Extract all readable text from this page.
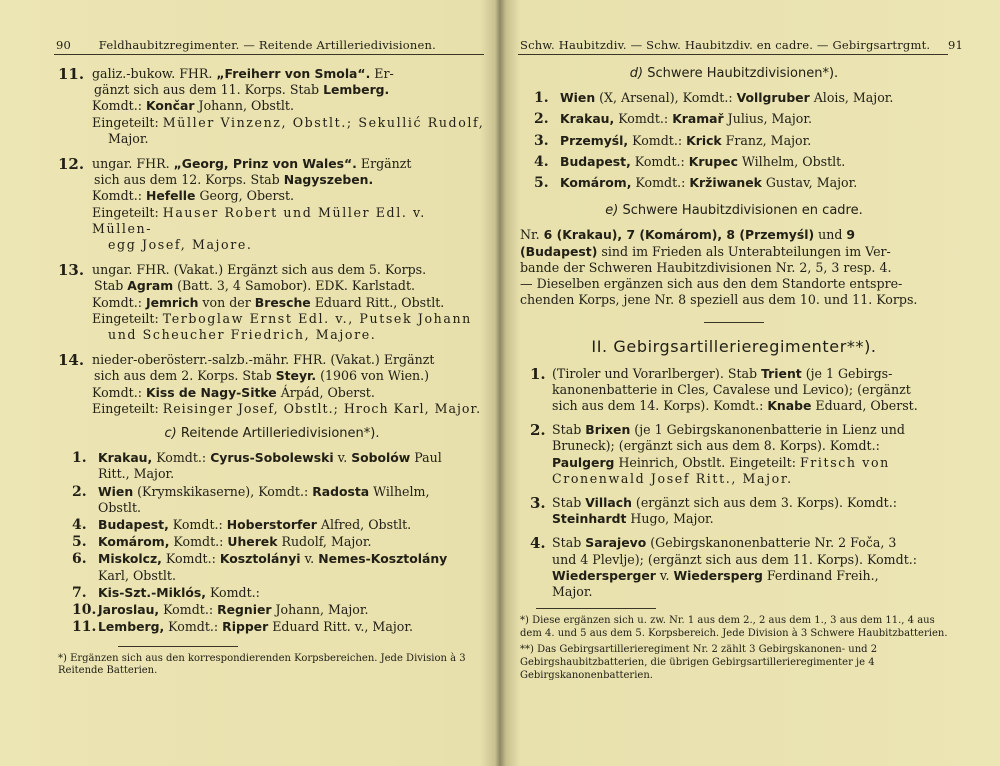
90 Feldhaubitzregimenter. — Reitende Artilleriedivisionen.
11. galiz.-bukow. FHR. „Freiherr von Smola“. Er-
gänzt sich aus dem 11. Korps. Stab Lemberg.
Komdt.: Končar Johann, Obstlt.
Eingeteilt: Müller Vinzenz, Obstlt.; Sekullić Rudolf,
Major.
12. ungar. FHR. „Georg, Prinz von Wales“. Ergänzt
sich aus dem 12. Korps. Stab Nagyszeben.
Komdt.: Hefelle Georg, Oberst.
Eingeteilt: Hauser Robert und Müller Edl. v. Müllen-
egg Josef, Majore.
13. ungar. FHR. (Vakat.) Ergänzt sich aus dem 5. Korps.
Stab Agram (Batt. 3, 4 Samobor). EDK. Karlstadt.
Komdt.: Jemrich von der Bresche Eduard Ritt., Obstlt.
Eingeteilt: Terboglaw Ernst Edl. v., Putsek Johann
und Scheucher Friedrich, Majore.
14. nieder-oberösterr.-salzb.-mähr. FHR. (Vakat.) Ergänzt
sich aus dem 2. Korps. Stab Steyr. (1906 von Wien.)
Komdt.: Kiss de Nagy-Sitke Árpád, Oberst.
Eingeteilt: Reisinger Josef, Obstlt.; Hroch Karl, Major.
c) Reitende Artilleriedivisionen*).
1. Krakau, Komdt.: Cyrus-Sobolewski v. Sobolów Paul
Ritt., Major.
2. Wien (Krymskikaserne), Komdt.: Radosta Wilhelm,
Obstlt.
4. Budapest, Komdt.: Hoberstorfer Alfred, Obstlt.
5. Komárom, Komdt.: Uherek Rudolf, Major.
6. Miskolcz, Komdt.: Kosztolányi v. Nemes-Kosztolány
Karl, Obstlt.
7. Kis-Szt.-Miklós, Komdt.:
10. Jaroslau, Komdt.: Regnier Johann, Major.
11. Lemberg, Komdt.: Ripper Eduard Ritt. v., Major.
*) Ergänzen sich aus den korrespondierenden Korpsbereichen. Jede Division à 3 Reitende Batterien.
Schw. Haubitzdiv. — Schw. Haubitzdiv. en cadre. — Gebirgsartrgmt. 91
d) Schwere Haubitzdivisionen*).
1. Wien (X, Arsenal), Komdt.: Vollgruber Alois, Major.
2. Krakau, Komdt.: Kramař Julius, Major.
3. Przemyśl, Komdt.: Krick Franz, Major.
4. Budapest, Komdt.: Krupec Wilhelm, Obstlt.
5. Komárom, Komdt.: Kržiwanek Gustav, Major.
e) Schwere Haubitzdivisionen en cadre.
Nr. 6 (Krakau), 7 (Komárom), 8 (Przemyśl) und 9
(Budapest) sind im Frieden als Unterabteilungen im Ver-
bande der Schweren Haubitzdivisionen Nr. 2, 5, 3 resp. 4.
— Dieselben ergänzen sich aus den dem Standorte entspre-
chenden Korps, jene Nr. 8 speziell aus dem 10. und 11. Korps.
II. Gebirgsartillerieregimenter**).
1. (Tiroler und Vorarlberger). Stab Trient (je 1 Gebirgs-
kanonenbatterie in Cles, Cavalese und Levico); (ergänzt
sich aus dem 14. Korps). Komdt.: Knabe Eduard, Oberst.
2. Stab Brixen (je 1 Gebirgskanonenbatterie in Lienz und
Bruneck); (ergänzt sich aus dem 8. Korps). Komdt.:
Paulgerg Heinrich, Obstlt. Eingeteilt: Fritsch von
Cronenwald Josef Ritt., Major.
3. Stab Villach (ergänzt sich aus dem 3. Korps). Komdt.:
Steinhardt Hugo, Major.
4. Stab Sarajevo (Gebirgskanonenbatterie Nr. 2 Foča, 3
und 4 Plevlje); (ergänzt sich aus dem 11. Korps). Komdt.:
Wiedersperger v. Wiedersperg Ferdinand Freih.,
Major.
*) Diese ergänzen sich u. zw. Nr. 1 aus dem 2., 2 aus dem 1., 3 aus dem 11., 4 aus dem 4. und 5 aus dem 5. Korpsbereich. Jede Division à 3 Schwere Haubitzbatterien.
**) Das Gebirgsartillerieregiment Nr. 2 zählt 3 Gebirgskanonen- und 2 Gebirgshaubitzbatterien, die übrigen Gebirgsartillerieregimenter je 4 Gebirgskanonenbatterien.
